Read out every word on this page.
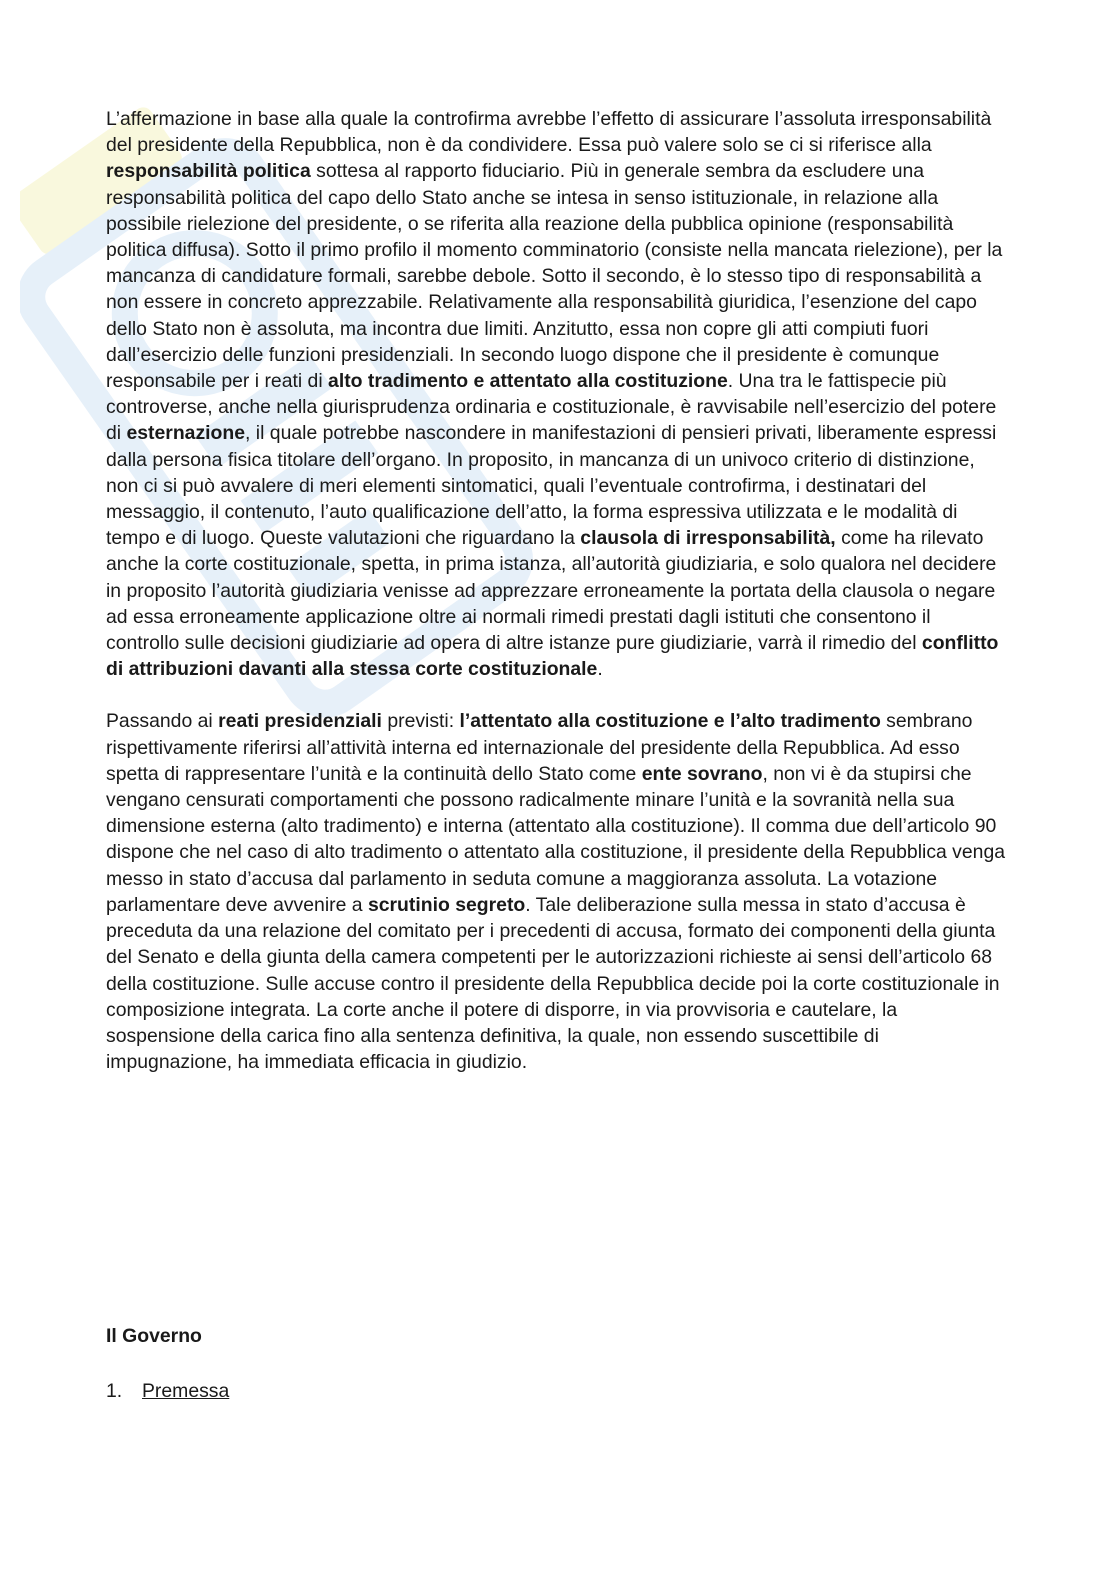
L’affermazione in base alla quale la controfirma avrebbe l’effetto di assicurare l’assoluta irresponsabilità del presidente della Repubblica, non è da condividere. Essa può valere solo se ci si riferisce alla responsabilità politica sottesa al rapporto fiduciario. Più in generale sembra da escludere una responsabilità politica del capo dello Stato anche se intesa in senso istituzionale, in relazione alla possibile rielezione del presidente, o se riferita alla reazione della pubblica opinione (responsabilità politica diffusa). Sotto il primo profilo il momento comminatorio (consiste nella mancata rielezione), per la mancanza di candidature formali, sarebbe debole. Sotto il secondo, è lo stesso tipo di responsabilità a non essere in concreto apprezzabile. Relativamente alla responsabilità giuridica, l’esenzione del capo dello Stato non è assoluta, ma incontra due limiti. Anzitutto, essa non copre gli atti compiuti fuori dall’esercizio delle funzioni presidenziali. In secondo luogo dispone che il presidente è comunque responsabile per i reati di alto tradimento e attentato alla costituzione. Una tra le fattispecie più controverse, anche nella giurisprudenza ordinaria e costituzionale, è ravvisabile nell’esercizio del potere di esternazione, il quale potrebbe nascondere in manifestazioni di pensieri privati, liberamente espressi dalla persona fisica titolare dell’organo. In proposito, in mancanza di un univoco criterio di distinzione, non ci si può avvalere di meri elementi sintomatici, quali l’eventuale controfirma, i destinatari del messaggio, il contenuto, l’auto qualificazione dell’atto, la forma espressiva utilizzata e le modalità di tempo e di luogo. Queste valutazioni che riguardano la clausola di irresponsabilità, come ha rilevato anche la corte costituzionale, spetta, in prima istanza, all’autorità giudiziaria, e solo qualora nel decidere in proposito l’autorità giudiziaria venisse ad apprezzare erroneamente la portata della clausola o negare ad essa erroneamente applicazione oltre ai normali rimedi prestati dagli istituti che consentono il controllo sulle decisioni giudiziarie ad opera di altre istanze pure giudiziarie, varrà il rimedio del conflitto di attribuzioni davanti alla stessa corte costituzionale.

Passando ai reati presidenziali previsti: l’attentato alla costituzione e l’alto tradimento sembrano rispettivamente riferirsi all’attività interna ed internazionale del presidente della Repubblica. Ad esso spetta di rappresentare l’unità e la continuità dello Stato come ente sovrano, non vi è da stupirsi che vengano censurati comportamenti che possono radicalmente minare l’unità e la sovranità nella sua dimensione esterna (alto tradimento) e interna (attentato alla costituzione). Il comma due dell’articolo 90 dispone che nel caso di alto tradimento o attentato alla costituzione, il presidente della Repubblica venga messo in stato d’accusa dal parlamento in seduta comune a maggioranza assoluta. La votazione parlamentare deve avvenire a scrutinio segreto. Tale deliberazione sulla messa in stato d’accusa è preceduta da una relazione del comitato per i precedenti di accusa, formato dei componenti della giunta del Senato e della giunta della camera competenti per le autorizzazioni richieste ai sensi dell’articolo 68 della costituzione. Sulle accuse contro il presidente della Repubblica decide poi la corte costituzionale in composizione integrata. La corte anche il potere di disporre, in via provvisoria e cautelare, la sospensione della carica fino alla sentenza definitiva, la quale, non essendo suscettibile di impugnazione, ha immediata efficacia in giudizio.

Il Governo

1.	Premessa
